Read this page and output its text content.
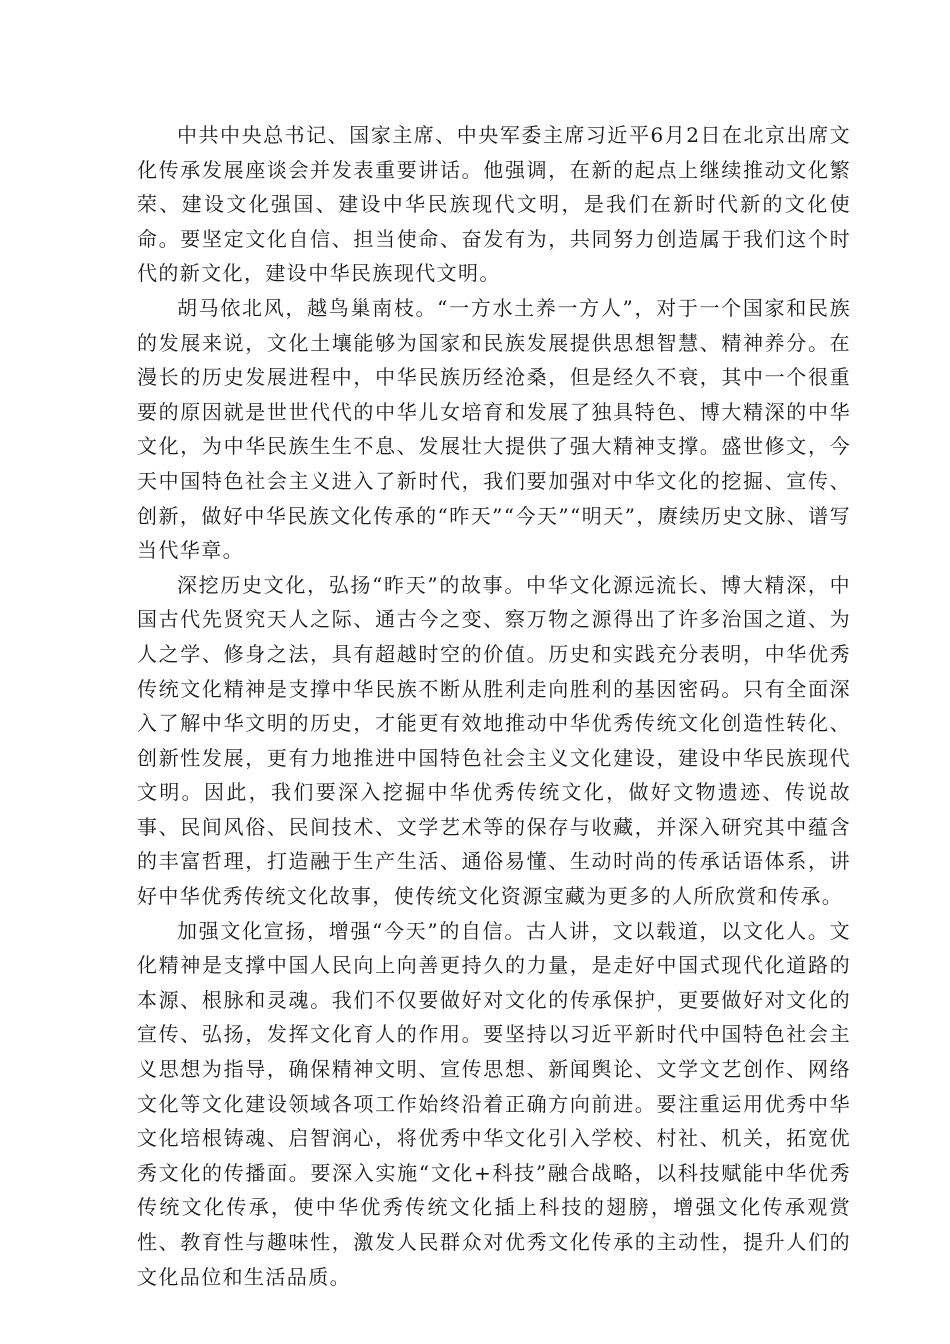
中共中央总书记、国家主席、中央军委主席习近平6月2日在北京出席文化传承发展座谈会并发表重要讲话。他强调，在新的起点上继续推动文化繁荣、建设文化强国、建设中华民族现代文明，是我们在新时代新的文化使命。要坚定文化自信、担当使命、奋发有为，共同努力创造属于我们这个时代的新文化，建设中华民族现代文明。

胡马依北风，越鸟巢南枝。“一方水土养一方人”，对于一个国家和民族的发展来说，文化土壤能够为国家和民族发展提供思想智慧、精神养分。在漫长的历史发展进程中，中华民族历经沧桑，但是经久不衰，其中一个很重要的原因就是世世代代的中华儿女培育和发展了独具特色、博大精深的中华文化，为中华民族生生不息、发展壮大提供了强大精神支撑。盛世修文，今天中国特色社会主义进入了新时代，我们要加强对中华文化的挖掘、宣传、创新，做好中华民族文化传承的“昨天”“今天”“明天”，赓续历史文脉、谱写当代华章。

深挖历史文化，弘扬“昨天”的故事。中华文化源远流长、博大精深，中国古代先贤究天人之际、通古今之变、察万物之源得出了许多治国之道、为人之学、修身之法，具有超越时空的价值。历史和实践充分表明，中华优秀传统文化精神是支撑中华民族不断从胜利走向胜利的基因密码。只有全面深入了解中华文明的历史，才能更有效地推动中华优秀传统文化创造性转化、创新性发展，更有力地推进中国特色社会主义文化建设，建设中华民族现代文明。因此，我们要深入挖掘中华优秀传统文化，做好文物遗迹、传说故事、民间风俗、民间技术、文学艺术等的保存与收藏，并深入研究其中蕴含的丰富哲理，打造融于生产生活、通俗易懂、生动时尚的传承话语体系，讲好中华优秀传统文化故事，使传统文化资源宝藏为更多的人所欣赏和传承。

加强文化宣扬，增强“今天”的自信。古人讲，文以载道，以文化人。文化精神是支撑中国人民向上向善更持久的力量，是走好中国式现代化道路的本源、根脉和灵魂。我们不仅要做好对文化的传承保护，更要做好对文化的宣传、弘扬，发挥文化育人的作用。要坚持以习近平新时代中国特色社会主义思想为指导，确保精神文明、宣传思想、新闻舆论、文学文艺创作、网络文化等文化建设领域各项工作始终沿着正确方向前进。要注重运用优秀中华文化培根铸魂、启智润心，将优秀中华文化引入学校、村社、机关，拓宽优秀文化的传播面。要深入实施“文化+科技”融合战略，以科技赋能中华优秀传统文化传承，使中华优秀传统文化插上科技的翅膀，增强文化传承观赏性、教育性与趣味性，激发人民群众对优秀文化传承的主动性，提升人们的文化品位和生活品质。
